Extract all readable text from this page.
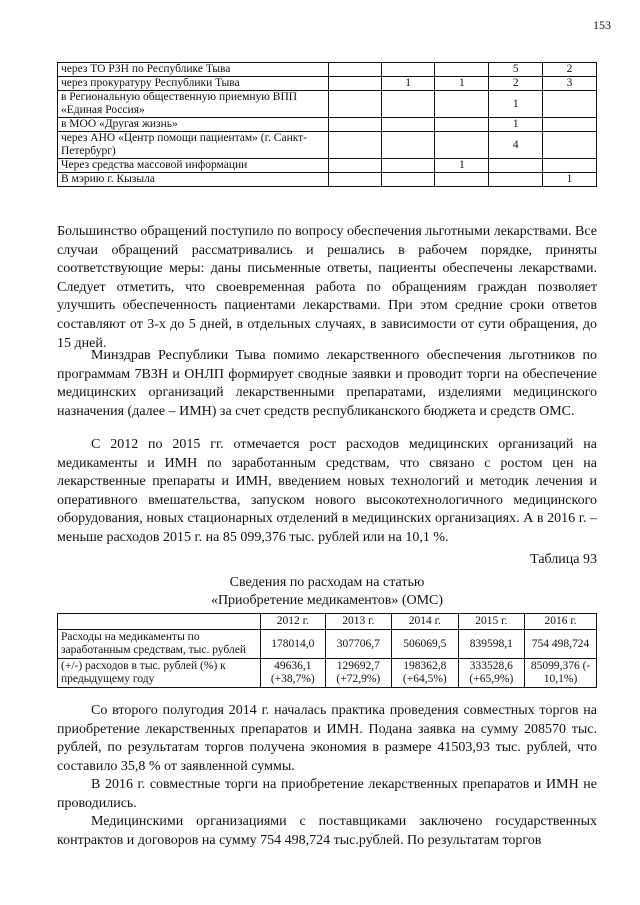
153
через ТО РЗН по Республике Тыва				5	2
через прокуратуру Республики Тыва		1	1	2	3
в Региональную общественную приемную ВПП «Единая Россия»				1	
в МОО «Другая жизнь»				1	
через АНО «Центр помощи пациентам» (г. Санкт-Петербург)				4	
Через средства массовой информации			1		
В мэрию г. Кызыла					1

Большинство обращений поступило по вопросу обеспечения льготными лекарствами. Все случаи обращений рассматривались и решались в рабочем порядке, приняты соответствующие меры: даны письменные ответы, пациенты обеспечены лекарствами. Следует отметить, что своевременная работа по обращениям граждан позволяет улучшить обеспеченность пациентами лекарствами. При этом средние сроки ответов составляют от 3-х до 5 дней, в отдельных случаях, в зависимости от сути обращения, до 15 дней.

Минздрав Республики Тыва помимо лекарственного обеспечения льготников по программам 7ВЗН и ОНЛП формирует сводные заявки и проводит торги на обеспечение медицинских организаций лекарственными препаратами, изделиями медицинского назначения (далее – ИМН) за счет средств республиканского бюджета и средств ОМС.

С 2012 по 2015 гг. отмечается рост расходов медицинских организаций на медикаменты и ИМН по заработанным средствам, что связано с ростом цен на лекарственные препараты и ИМН, введением новых технологий и методик лечения и оперативного вмешательства, запуском нового высокотехнологичного медицинского оборудования, новых стационарных отделений в медицинских организациях. А в 2016 г. – меньше расходов 2015 г. на 85 099,376 тыс. рублей или на 10,1 %.

Таблица 93
Сведения по расходам на статью
«Приобретение медикаментов» (ОМС)
	2012 г.	2013 г.	2014 г.	2015 г.	2016 г.
Расходы на медикаменты по заработанным средствам, тыс. рублей	178014,0	307706,7	506069,5	839598,1	754 498,724
(+/-) расходов в тыс. рублей (%) к предыдущему году	49636,1 (+38,7%)	129692,7 (+72,9%)	198362,8 (+64,5%)	333528,6 (+65,9%)	85099,376 (- 10,1%)

Со второго полугодия 2014 г. началась практика проведения совместных торгов на приобретение лекарственных препаратов и ИМН. Подана заявка на сумму 208570 тыс. рублей, по результатам торгов получена экономия в размере 41503,93 тыс. рублей, что составило 35,8 % от заявленной суммы.

В 2016 г. совместные торги на приобретение лекарственных препаратов и ИМН не проводились.

Медицинскими организациями с поставщиками заключено государственных контрактов и договоров на сумму 754 498,724 тыс.рублей. По результатам торгов
